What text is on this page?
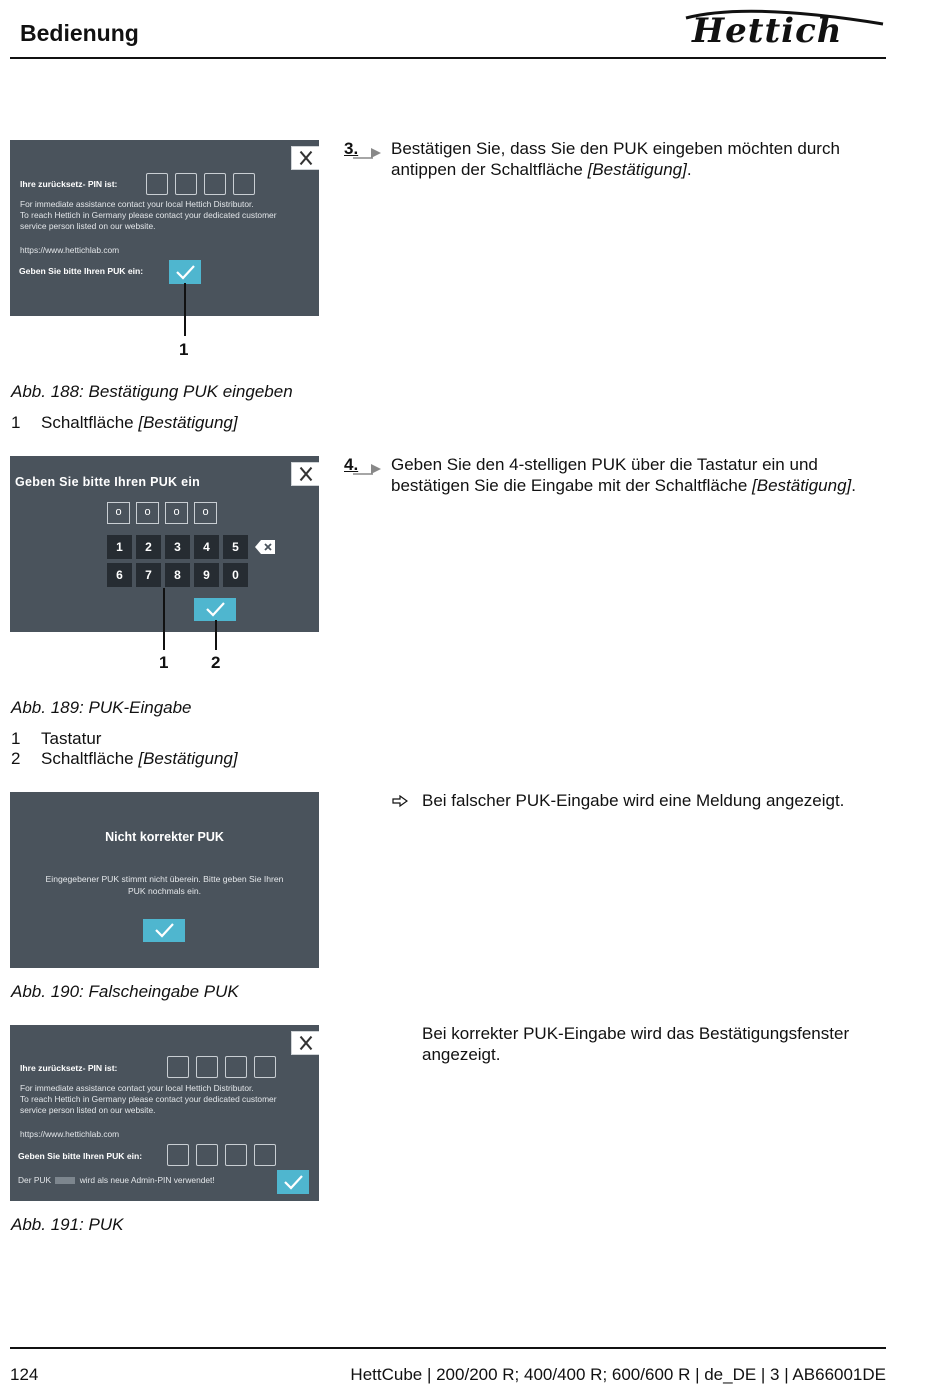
Bedienung	Hettich
Ihre zurücksetz- PIN ist:
For immediate assistance contact your local Hettich Distributor.
To reach Hettich in Germany please contact your dedicated customer
service person listed on our website.
https://www.hettichlab.com
Geben Sie bitte Ihren PUK ein:
1
Abb. 188: Bestätigung PUK eingeben
1 Schaltfläche [Bestätigung]
3. Bestätigen Sie, dass Sie den PUK eingeben möchten durch antippen der Schaltfläche [Bestätigung].
Geben Sie bitte Ihren PUK ein
o	o	o	o
1	2	3	4	5
6	7	8	9	0
1	2
Abb. 189: PUK-Eingabe
1 Tastatur
2 Schaltfläche [Bestätigung]
4. Geben Sie den 4-stelligen PUK über die Tastatur ein und bestätigen Sie die Eingabe mit der Schaltfläche [Bestätigung].
Nicht korrekter PUK
Eingegebener PUK stimmt nicht überein. Bitte geben Sie Ihren
PUK nochmals ein.
Abb. 190: Falscheingabe PUK
Bei falscher PUK-Eingabe wird eine Meldung angezeigt.
Ihre zurücksetz- PIN ist:
For immediate assistance contact your local Hettich Distributor.
To reach Hettich in Germany please contact your dedicated customer
service person listed on our website.
https://www.hettichlab.com
Geben Sie bitte Ihren PUK ein:
Der PUK	wird als neue Admin-PIN verwendet!
Abb. 191: PUK
Bei korrekter PUK-Eingabe wird das Bestätigungsfenster angezeigt.
124	HettCube | 200/200 R; 400/400 R; 600/600 R | de_DE | 3 | AB66001DE
